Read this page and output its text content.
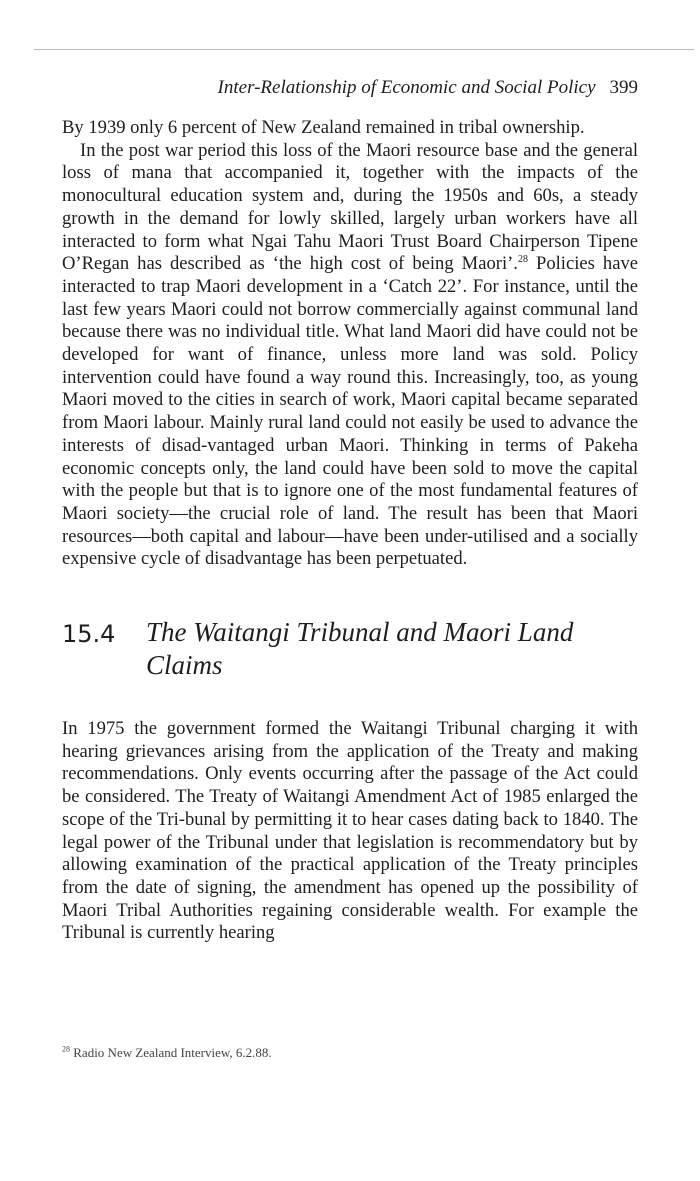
Inter-Relationship of Economic and Social Policy 399

By 1939 only 6 percent of New Zealand remained in tribal ownership.

In the post war period this loss of the Maori resource base and the general loss of mana that accompanied it, together with the impacts of the monocultural education system and, during the 1950s and 60s, a steady growth in the demand for lowly skilled, largely urban workers have all interacted to form what Ngai Tahu Maori Trust Board Chairperson Tipene O’Regan has described as ‘the high cost of being Maori’.$^{28}$ Policies have interacted to trap Maori development in a ‘Catch 22’. For instance, until the last few years Maori could not borrow commercially against communal land because there was no individual title. What land Maori did have could not be developed for want of finance, unless more land was sold. Policy intervention could have found a way round this. Increasingly, too, as young Maori moved to the cities in search of work, Maori capital became separated from Maori labour. Mainly rural land could not easily be used to advance the interests of disad-vantaged urban Maori. Thinking in terms of Pakeha economic concepts only, the land could have been sold to move the capital with the people but that is to ignore one of the most fundamental features of Maori society—the crucial role of land. The result has been that Maori resources—both capital and labour—have been under-utilised and a socially expensive cycle of disadvantage has been perpetuated.

15.4	The Waitangi Tribunal and Maori Land Claims

In 1975 the government formed the Waitangi Tribunal charging it with hearing grievances arising from the application of the Treaty and making recommendations. Only events occurring after the passage of the Act could be considered. The Treaty of Waitangi Amendment Act of 1985 enlarged the scope of the Tri-bunal by permitting it to hear cases dating back to 1840. The legal power of the Tribunal under that legislation is recommendatory but by allowing examination of the practical application of the Treaty principles from the date of signing, the amendment has opened up the possibility of Maori Tribal Authorities regaining considerable wealth. For example the Tribunal is currently hearing

$^{28}$ Radio New Zealand Interview, 6.2.88.
